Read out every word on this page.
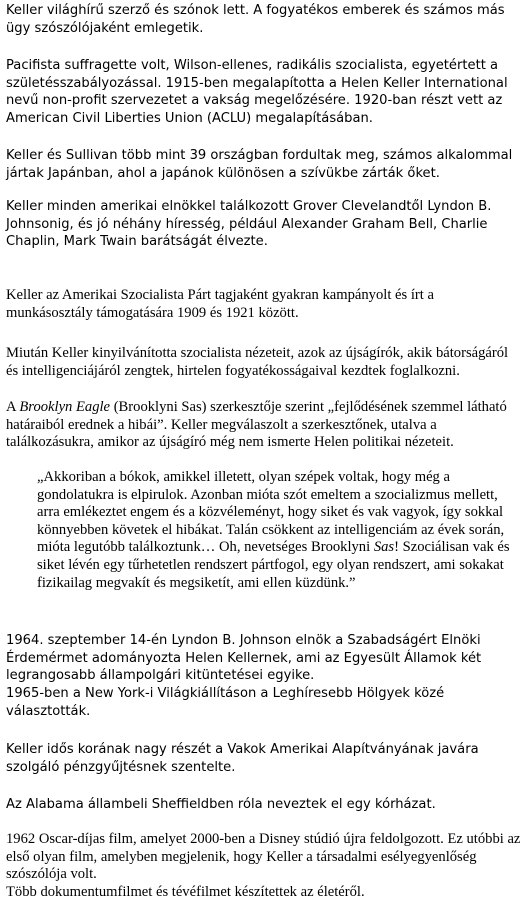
Keller világhírű szerző és szónok lett. A fogyatékos emberek és számos más ügy szószólójaként emlegetik.

Pacifista suffragette volt, Wilson-ellenes, radikális szocialista, egyetértett a születésszabályozással. 1915-ben megalapította a Helen Keller International nevű non-profit szervezetet a vakság megelőzésére. 1920-ban részt vett az American Civil Liberties Union (ACLU) megalapításában.

Keller és Sullivan több mint 39 országban fordultak meg, számos alkalommal jártak Japánban, ahol a japánok különösen a szívükbe zárták őket.

Keller minden amerikai elnökkel találkozott Grover Clevelandtől Lyndon B. Johnsonig, és jó néhány híresség, például Alexander Graham Bell, Charlie Chaplin, Mark Twain barátságát élvezte.

Keller az Amerikai Szocialista Párt tagjaként gyakran kampányolt és írt a munkásosztály támogatására 1909 és 1921 között.

Miután Keller kinyilvánította szocialista nézeteit, azok az újságírók, akik bátorságáról és intelligenciájáról zengtek, hirtelen fogyatékosságaival kezdtek foglalkozni.

A Brooklyn Eagle (Brooklyni Sas) szerkesztője szerint „fejlődésének szemmel látható határaiból erednek a hibái”. Keller megválaszolt a szerkesztőnek, utalva a találkozásukra, amikor az újságíró még nem ismerte Helen politikai nézeteit.

„Akkoriban a bókok, amikkel illetett, olyan szépek voltak, hogy még a gondolatukra is elpirulok. Azonban mióta szót emeltem a szocializmus mellett, arra emlékeztet engem és a közvéleményt, hogy siket és vak vagyok, így sokkal könnyebben követek el hibákat. Talán csökkent az intelligenciám az évek során, mióta legutóbb találkoztunk… Oh, nevetséges Brooklyni Sas! Szociálisan vak és siket lévén egy tűrhetetlen rendszert pártfogol, egy olyan rendszert, ami sokakat fizikailag megvakít és megsiketít, ami ellen küzdünk.”

1964. szeptember 14-én Lyndon B. Johnson elnök a Szabadságért Elnöki Érdemérmet adományozta Helen Kellernek, ami az Egyesült Államok két legrangosabb állampolgári kitüntetései egyike.

1965-ben a New York-i Világkiállításon a Leghíresebb Hölgyek közé választották.

Keller idős korának nagy részét a Vakok Amerikai Alapítványának javára szolgáló pénzgyűjtésnek szentelte.

Az Alabama állambeli Sheffieldben róla neveztek el egy kórházat.

1962 Oscar-díjas film, amelyet 2000-ben a Disney stúdió újra feldolgozott. Ez utóbbi az első olyan film, amelyben megjelenik, hogy Keller a társadalmi esélyegyenlőség szószólója volt.

Több dokumentumfilmet és tévéfilmet készítettek az életéről.
